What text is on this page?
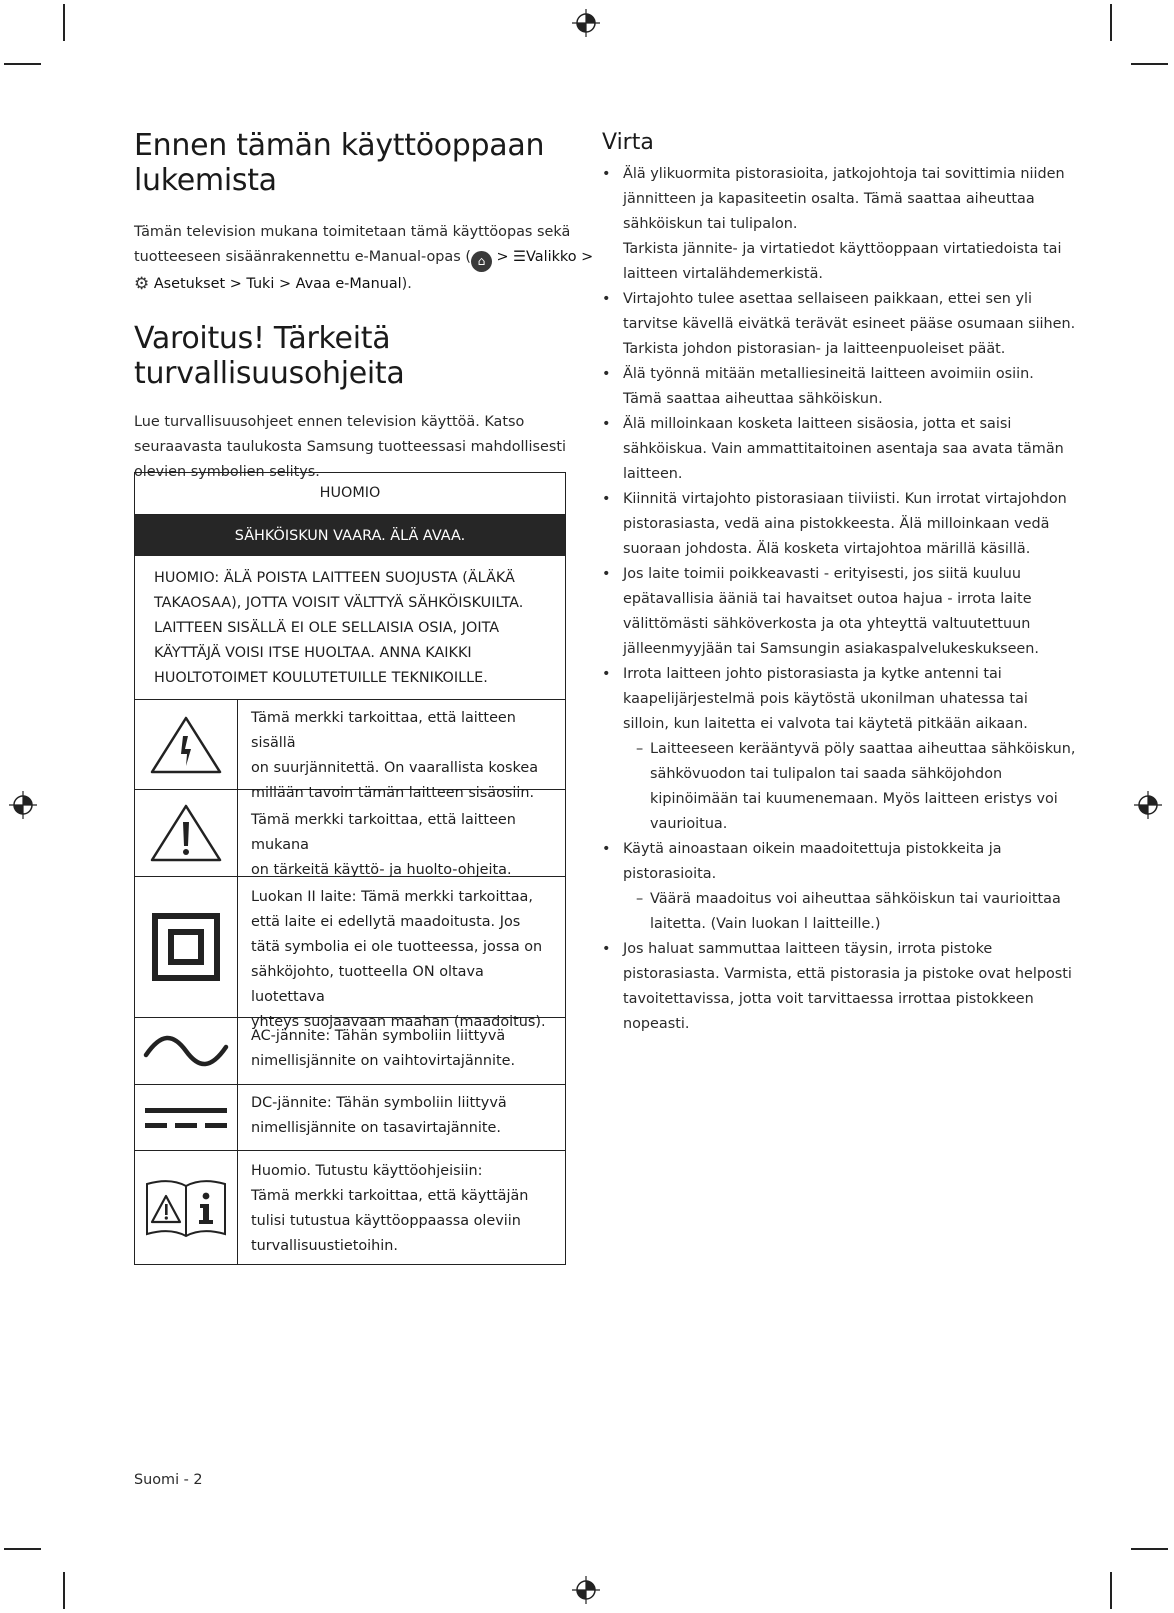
Ennen tämän käyttöoppaan
lukemista
Tämän television mukana toimitetaan tämä käyttöopas sekä
tuotteeseen sisäänrakennettu e-Manual-opas ( ⌂ > ☰Valikko >
⚙ Asetukset > Tuki > Avaa e-Manual).
Varoitus! Tärkeitä
turvallisuusohjeita
Lue turvallisuusohjeet ennen television käyttöä. Katso
seuraavasta taulukosta Samsung tuotteessasi mahdollisesti
olevien symbolien selitys.
HUOMIO
SÄHKÖISKUN VAARA. ÄLÄ AVAA.
HUOMIO: ÄLÄ POISTA LAITTEEN SUOJUSTA (ÄLÄKÄ
TAKAOSAA), JOTTA VOISIT VÄLTTYÄ SÄHKÖISKUILTA.
LAITTEEN SISÄLLÄ EI OLE SELLAISIA OSIA, JOITA
KÄYTTÄJÄ VOISI ITSE HUOLTAA. ANNA KAIKKI
HUOLTOTOIMET KOULUTETUILLE TEKNIKOILLE.
Tämä merkki tarkoittaa, että laitteen sisällä
on suurjännitettä. On vaarallista koskea
millään tavoin tämän laitteen sisäosiin.
Tämä merkki tarkoittaa, että laitteen mukana
on tärkeitä käyttö- ja huolto-ohjeita.
Luokan II laite: Tämä merkki tarkoittaa,
että laite ei edellytä maadoitusta. Jos
tätä symbolia ei ole tuotteessa, jossa on
sähköjohto, tuotteella ON oltava luotettava
yhteys suojaavaan maahan (maadoitus).
AC-jännite: Tähän symboliin liittyvä
nimellisjännite on vaihtovirtajännite.
DC-jännite: Tähän symboliin liittyvä
nimellisjännite on tasavirtajännite.
Huomio. Tutustu käyttöohjeisiin:
Tämä merkki tarkoittaa, että käyttäjän
tulisi tutustua käyttöoppaassa oleviin
turvallisuustietoihin.
Virta
• Älä ylikuormita pistorasioita, jatkojohtoja tai sovittimia niiden
jännitteen ja kapasiteetin osalta. Tämä saattaa aiheuttaa
sähköiskun tai tulipalon.
Tarkista jännite- ja virtatiedot käyttöoppaan virtatiedoista tai
laitteen virtalähdemerkistä.
• Virtajohto tulee asettaa sellaiseen paikkaan, ettei sen yli
tarvitse kävellä eivätkä terävät esineet pääse osumaan siihen.
Tarkista johdon pistorasian- ja laitteenpuoleiset päät.
• Älä työnnä mitään metalliesineitä laitteen avoimiin osiin.
Tämä saattaa aiheuttaa sähköiskun.
• Älä milloinkaan kosketa laitteen sisäosia, jotta et saisi
sähköiskua. Vain ammattitaitoinen asentaja saa avata tämän
laitteen.
• Kiinnitä virtajohto pistorasiaan tiiviisti. Kun irrotat virtajohdon
pistorasiasta, vedä aina pistokkeesta. Älä milloinkaan vedä
suoraan johdosta. Älä kosketa virtajohtoa märillä käsillä.
• Jos laite toimii poikkeavasti - erityisesti, jos siitä kuuluu
epätavallisia ääniä tai havaitset outoa hajua - irrota laite
välittömästi sähköverkosta ja ota yhteyttä valtuutettuun
jälleenmyyjään tai Samsungin asiakaspalvelukeskukseen.
• Irrota laitteen johto pistorasiasta ja kytke antenni tai
kaapelijärjestelmä pois käytöstä ukonilman uhatessa tai
silloin, kun laitetta ei valvota tai käytetä pitkään aikaan.
– Laitteeseen kerääntyvä pöly saattaa aiheuttaa sähköiskun,
sähkövuodon tai tulipalon tai saada sähköjohdon
kipinöimään tai kuumenemaan. Myös laitteen eristys voi
vaurioitua.
• Käytä ainoastaan oikein maadoitettuja pistokkeita ja
pistorasioita.
– Väärä maadoitus voi aiheuttaa sähköiskun tai vaurioittaa
laitetta. (Vain luokan l laitteille.)
• Jos haluat sammuttaa laitteen täysin, irrota pistoke
pistorasiasta. Varmista, että pistorasia ja pistoke ovat helposti
tavoitettavissa, jotta voit tarvittaessa irrottaa pistokkeen
nopeasti.
Suomi - 2
